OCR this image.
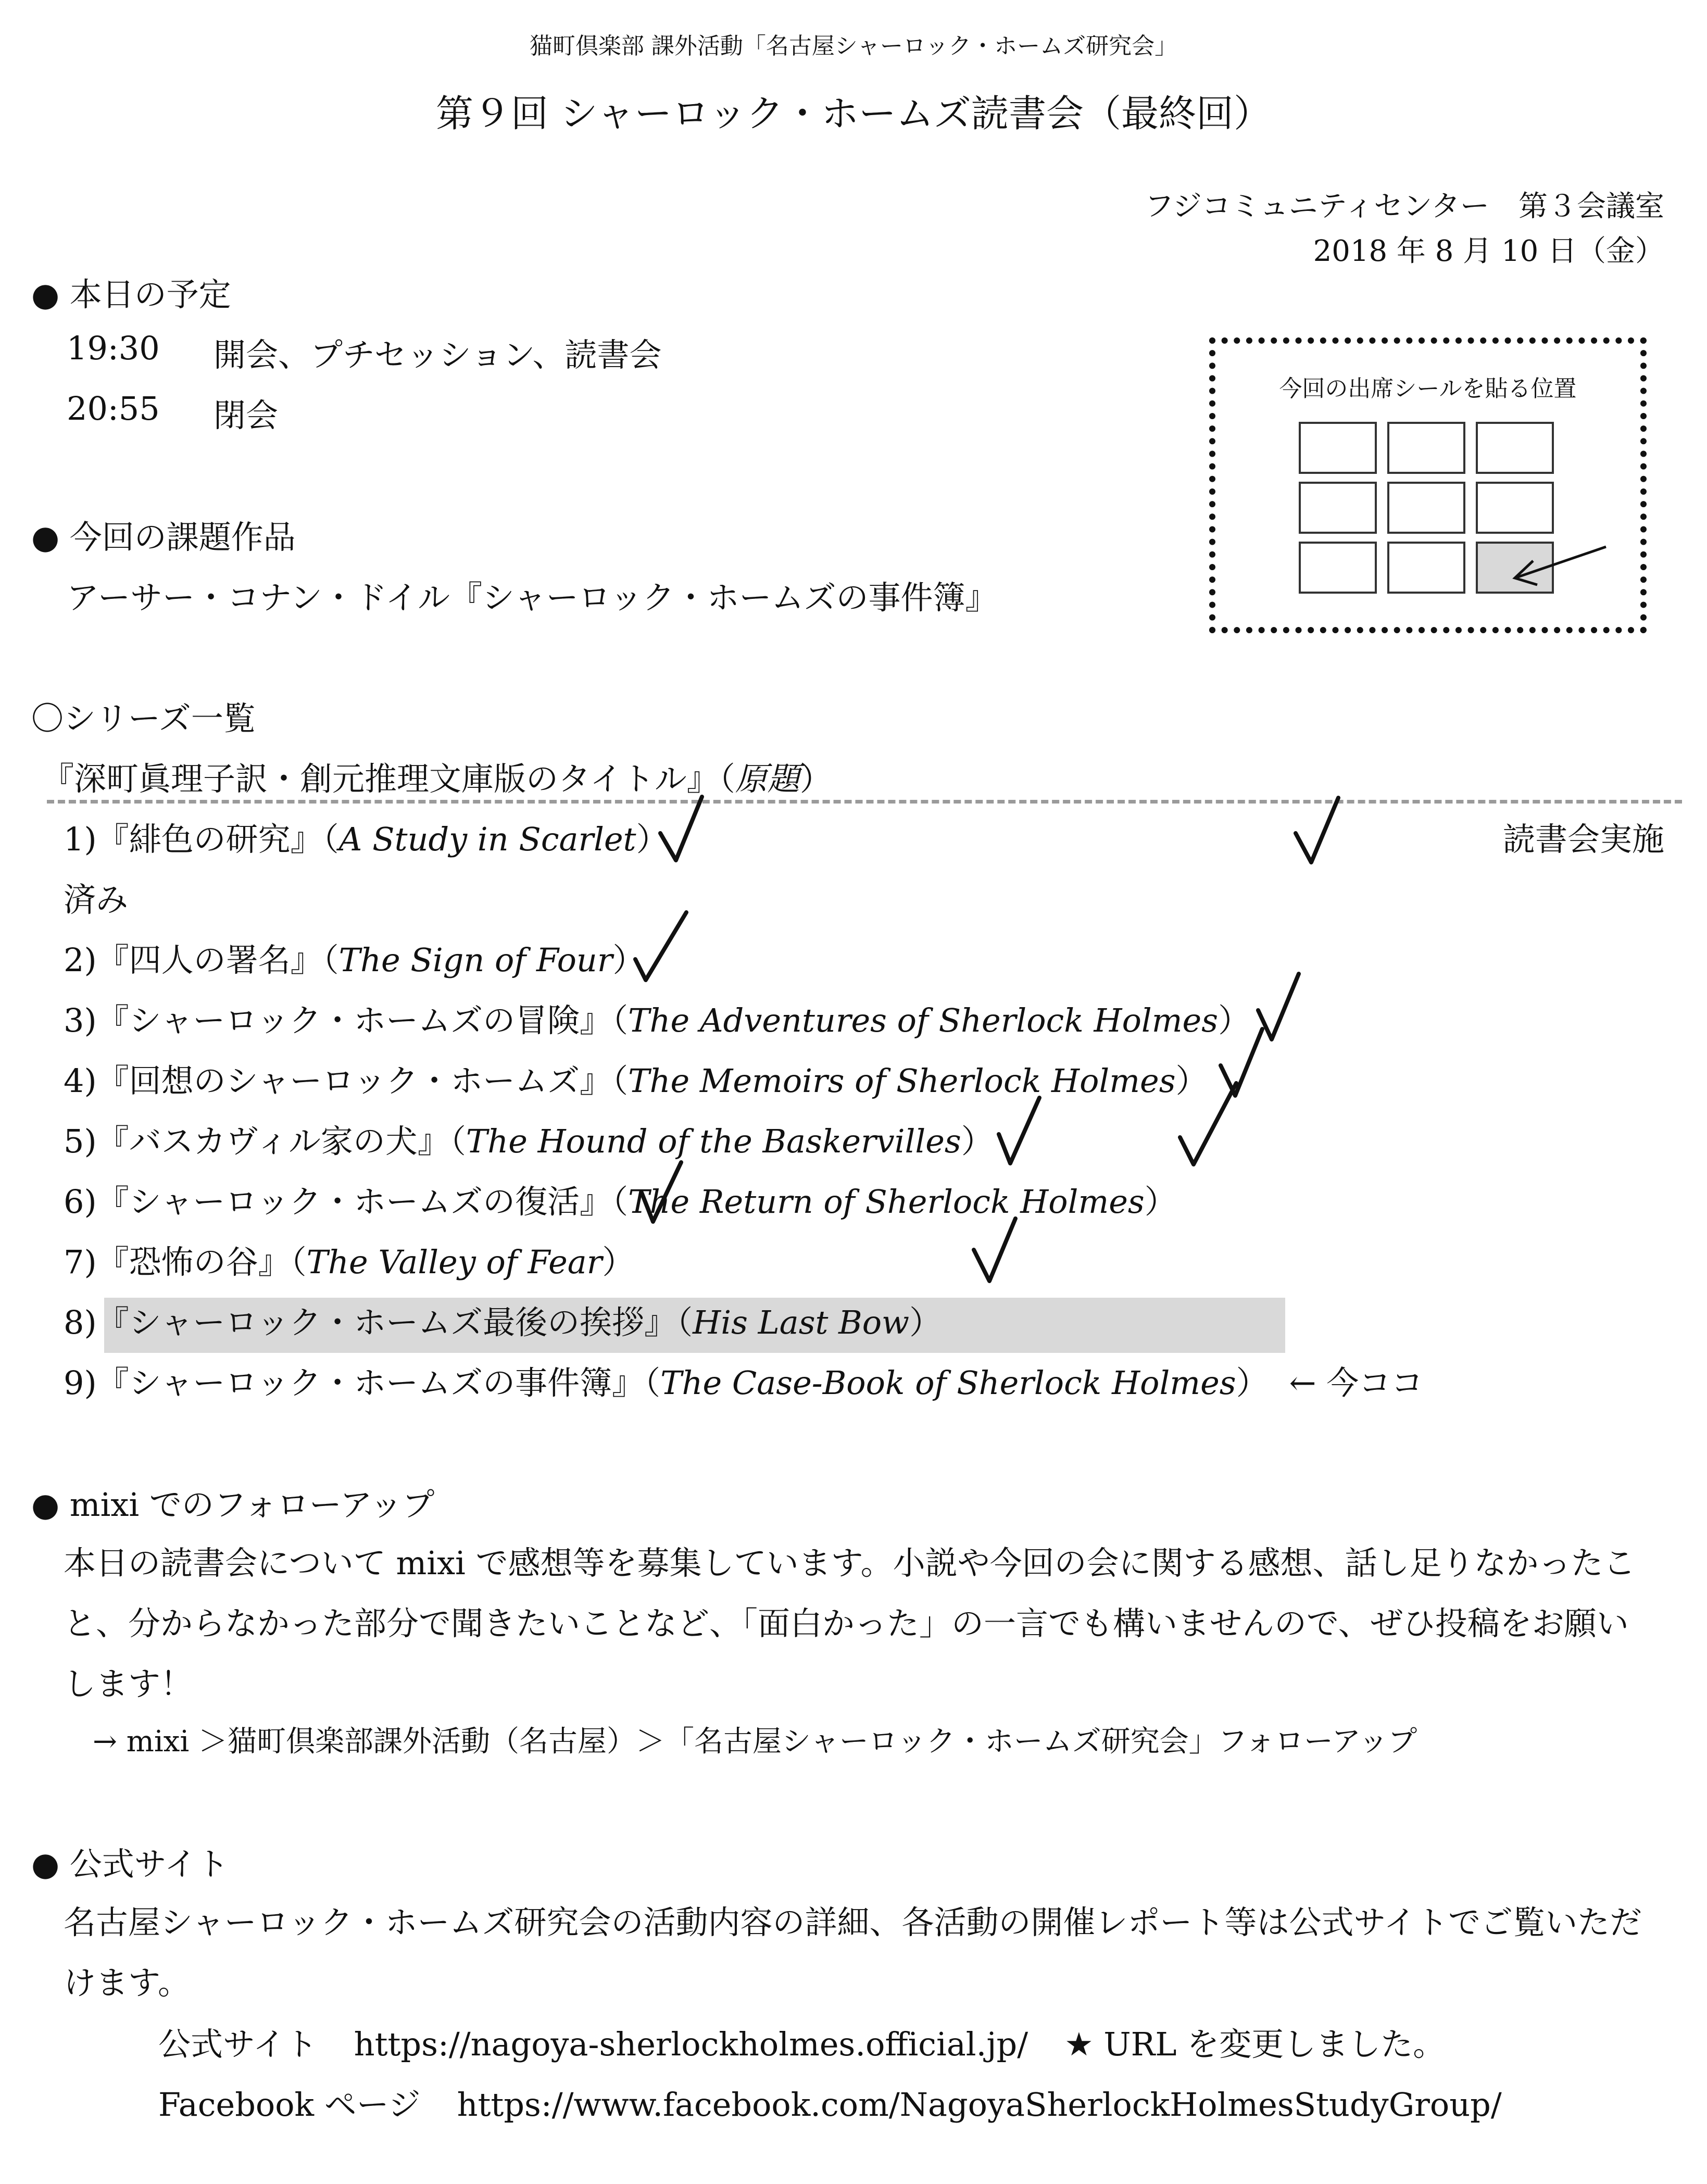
猫町倶楽部 課外活動「名古屋シャーロック・ホームズ研究会」
第９回 シャーロック・ホームズ読書会（最終回）
フジコミュニティセンター　第３会議室
2018 年 8 月 10 日（金）
● 本日の予定
19:30 開会、プチセッション、読書会
20:55 閉会
今回の出席シールを貼る位置
● 今回の課題作品
アーサー・コナン・ドイル『シャーロック・ホームズの事件簿』
〇シリーズ一覧
『深町眞理子訳・創元推理文庫版のタイトル』（原題）
読書会実施
済み
1)『緋色の研究』（A Study in Scarlet）
2)『四人の署名』（The Sign of Four）
3)『シャーロック・ホームズの冒険』（The Adventures of Sherlock Holmes）
4)『回想のシャーロック・ホームズ』（The Memoirs of Sherlock Holmes）
5)『バスカヴィル家の犬』（The Hound of the Baskervilles）
6)『シャーロック・ホームズの復活』（The Return of Sherlock Holmes）
7)『恐怖の谷』（The Valley of Fear）
8)『シャーロック・ホームズ最後の挨拶』（His Last Bow）
9)『シャーロック・ホームズの事件簿』（The Case-Book of Sherlock Holmes） ← 今ココ
● mixi でのフォローアップ
本日の読書会について mixi で感想等を募集しています。小説や今回の会に関する感想、話し足りなかったこと、分からなかった部分で聞きたいことなど、「面白かった」の一言でも構いませんので、ぜひ投稿をお願いします！
→ mixi ＞猫町倶楽部課外活動（名古屋）＞「名古屋シャーロック・ホームズ研究会」フォローアップ
● 公式サイト
名古屋シャーロック・ホームズ研究会の活動内容の詳細、各活動の開催レポート等は公式サイトでご覧いただけます。
公式サイト https://nagoya-sherlockholmes.official.jp/ ★ URL を変更しました。
Facebook ページ https://www.facebook.com/NagoyaSherlockHolmesStudyGroup/
